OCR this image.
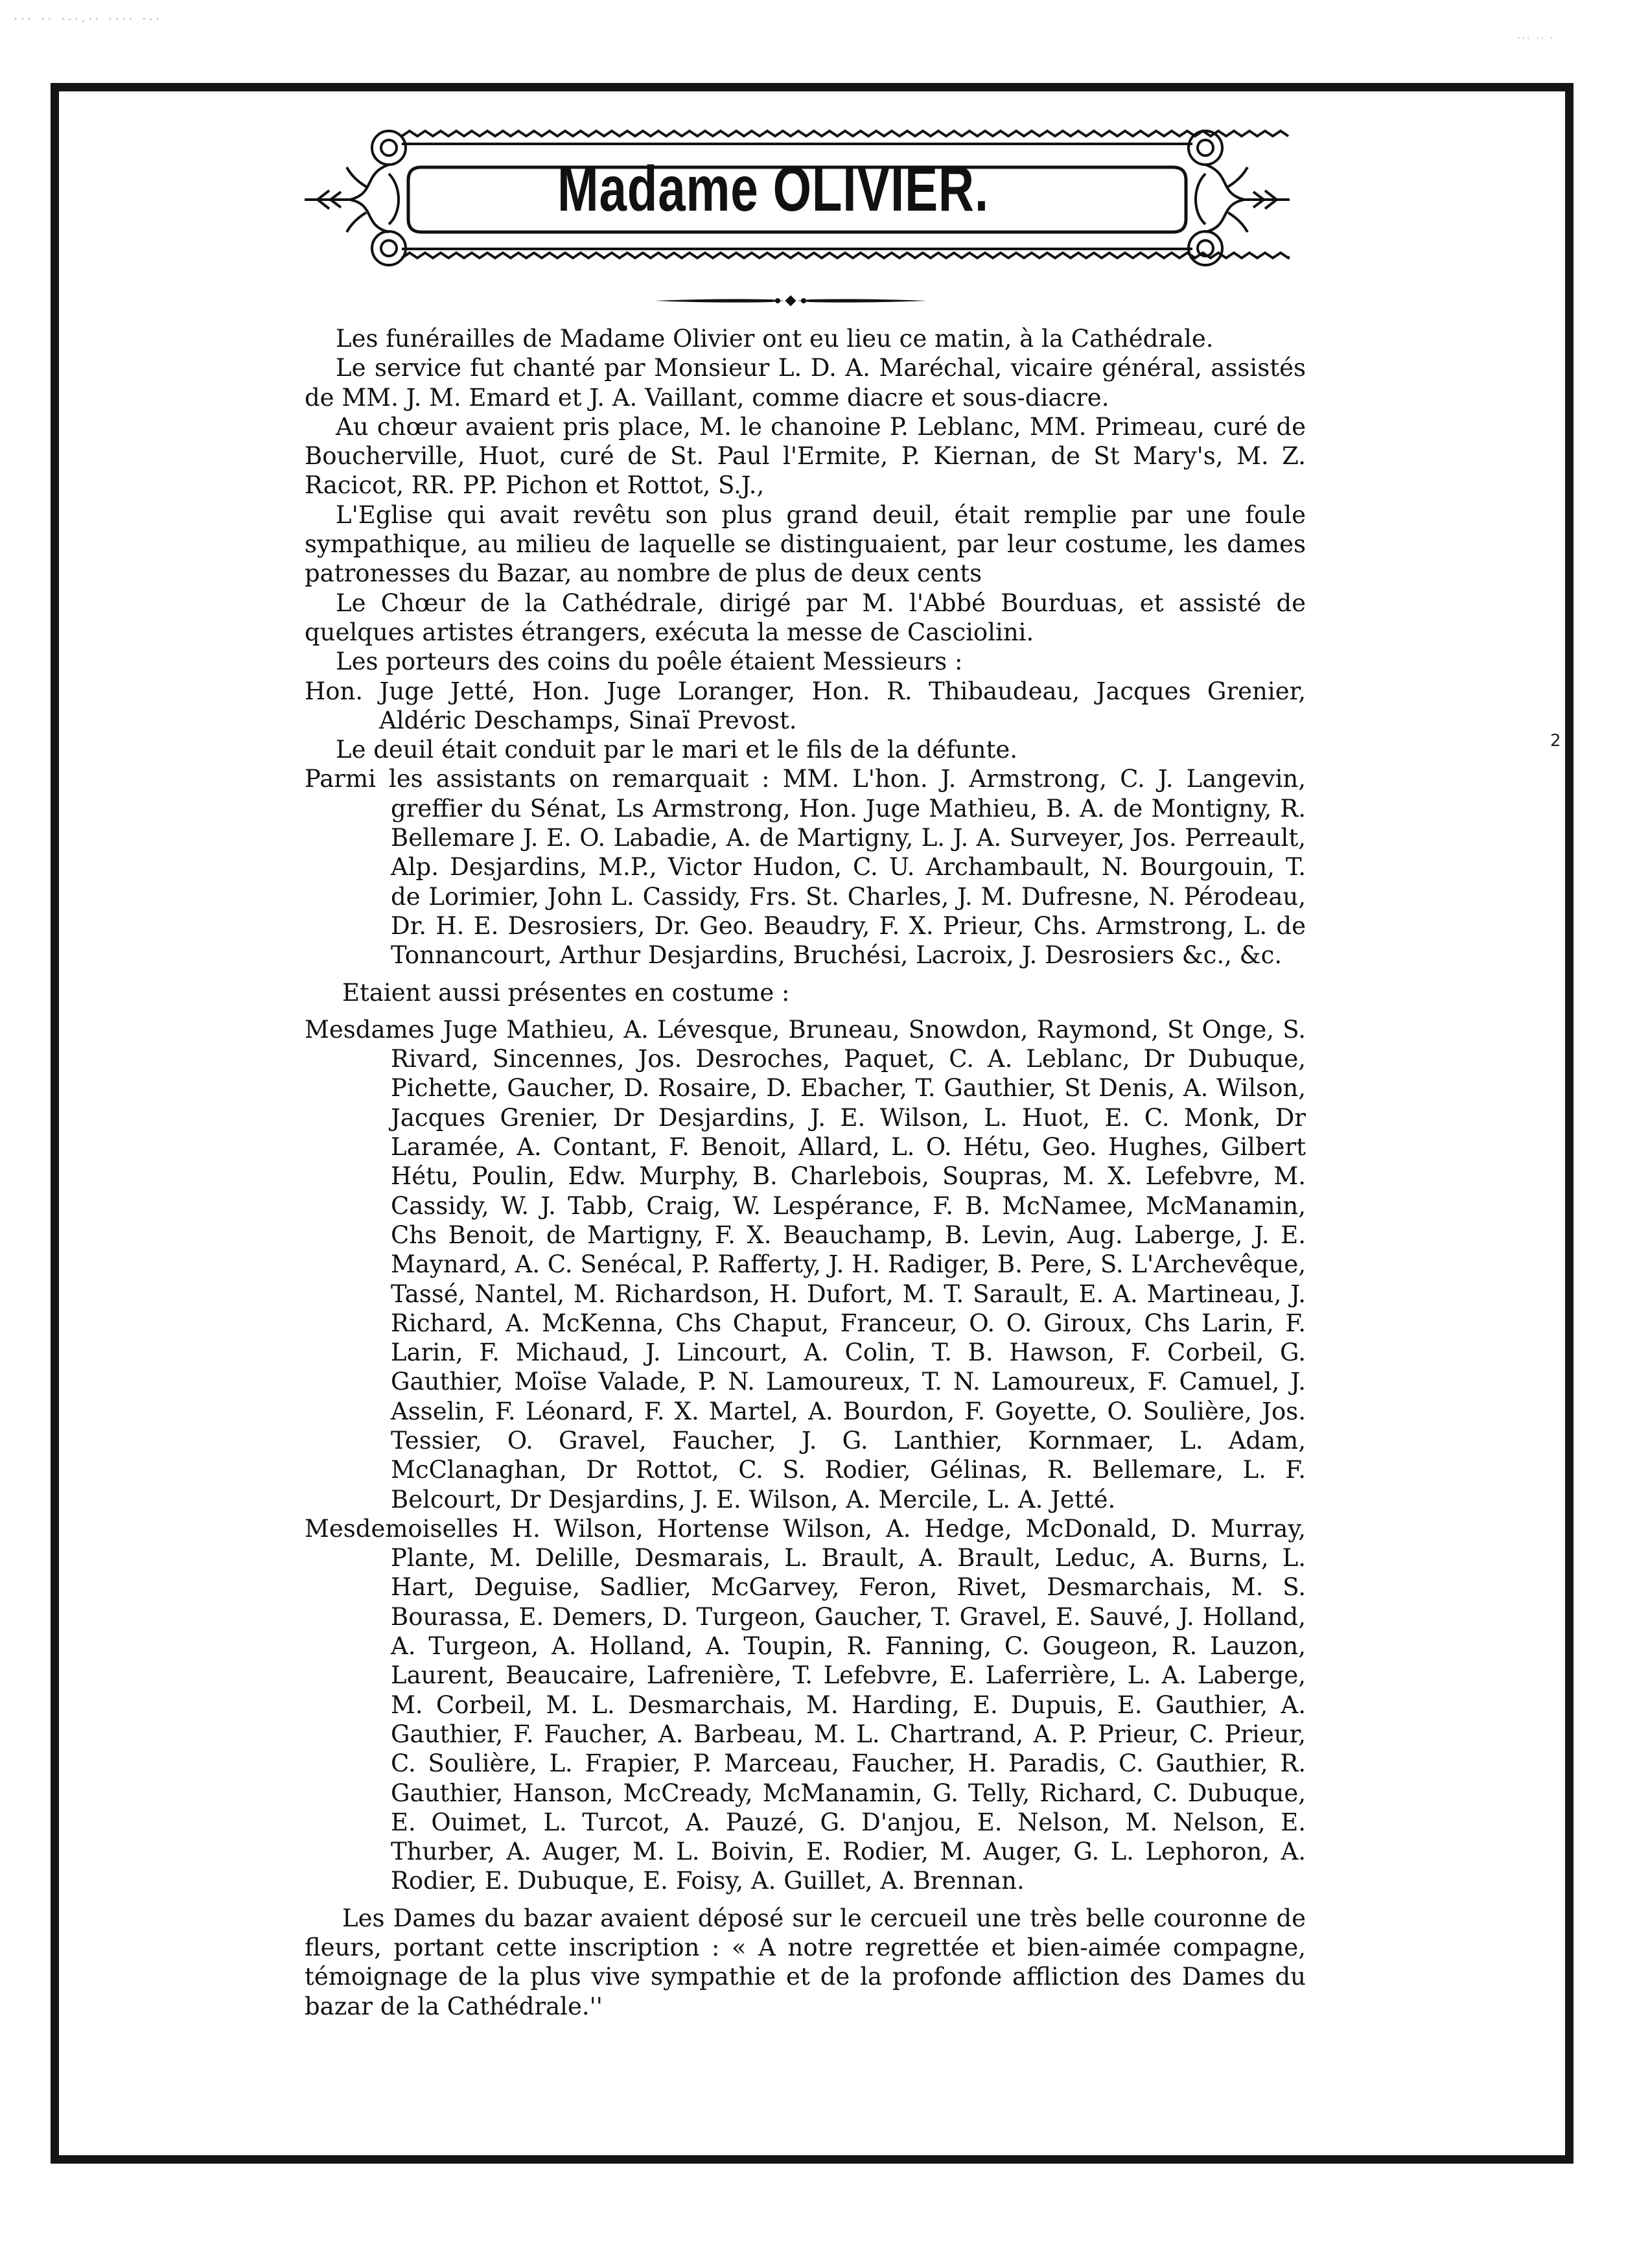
··· ·· ·-·.·· ···· ·-·
··· ·· ·
Madame OLIVIER.

Les funérailles de Madame Olivier ont eu lieu ce matin, à la Cathédrale.

Le service fut chanté par Monsieur L. D. A. Maréchal, vicaire général, assistés de MM. J. M. Emard et J. A. Vaillant, comme diacre et sous-diacre.

Au chœur avaient pris place, M. le chanoine P. Leblanc, MM. Primeau, curé de Boucherville, Huot, curé de St. Paul l'Ermite, P. Kiernan, de St Mary's, M. Z. Racicot, RR. PP. Pichon et Rottot, S.J.,

L'Eglise qui avait revêtu son plus grand deuil, était remplie par une foule sympathique, au milieu de laquelle se distinguaient, par leur costume, les dames patronesses du Bazar, au nombre de plus de deux cents

Le Chœur de la Cathédrale, dirigé par M. l'Abbé Bourduas, et assisté de quelques artistes étrangers, exécuta la messe de Casciolini.

Les porteurs des coins du poêle étaient Messieurs :

Hon. Juge Jetté, Hon. Juge Loranger, Hon. R. Thibaudeau, Jacques Grenier, Aldéric Deschamps, Sinaï Prevost.

Le deuil était conduit par le mari et le fils de la défunte.

Parmi les assistants on remarquait : MM. L'hon. J. Armstrong, C. J. Langevin, greffier du Sénat, Ls Armstrong, Hon. Juge Mathieu, B. A. de Montigny, R. Bellemare J. E. O. Labadie, A. de Martigny, L. J. A. Surveyer, Jos. Perreault, Alp. Desjardins, M.P., Victor Hudon, C. U. Archambault, N. Bourgouin, T. de Lorimier, John L. Cassidy, Frs. St. Charles, J. M. Dufresne, N. Pérodeau, Dr. H. E. Desrosiers, Dr. Geo. Beaudry, F. X. Prieur, Chs. Armstrong, L. de Tonnancourt, Arthur Desjardins, Bruchési, Lacroix, J. Desrosiers &c., &c.

Etaient aussi présentes en costume :

Mesdames Juge Mathieu, A. Lévesque, Bruneau, Snowdon, Raymond, St Onge, S. Rivard, Sincennes, Jos. Desroches, Paquet, C. A. Leblanc, Dr Dubuque, Pichette, Gaucher, D. Rosaire, D. Ebacher, T. Gauthier, St Denis, A. Wilson, Jacques Grenier, Dr Desjardins, J. E. Wilson, L. Huot, E. C. Monk, Dr Laramée, A. Contant, F. Benoit, Allard, L. O. Hétu, Geo. Hughes, Gilbert Hétu, Poulin, Edw. Murphy, B. Charlebois, Soupras, M. X. Lefebvre, M. Cassidy, W. J. Tabb, Craig, W. Lespérance, F. B. McNamee, McManamin, Chs Benoit, de Martigny, F. X. Beauchamp, B. Levin, Aug. Laberge, J. E. Maynard, A. C. Senécal, P. Rafferty, J. H. Radiger, B. Pere, S. L'Archevêque, Tassé, Nantel, M. Richardson, H. Dufort, M. T. Sarault, E. A. Martineau, J. Richard, A. McKenna, Chs Chaput, Franceur, O. O. Giroux, Chs Larin, F. Larin, F. Michaud, J. Lincourt, A. Colin, T. B. Hawson, F. Corbeil, G. Gauthier, Moïse Valade, P. N. Lamoureux, T. N. Lamoureux, F. Camuel, J. Asselin, F. Léonard, F. X. Martel, A. Bourdon, F. Goyette, O. Soulière, Jos. Tessier, O. Gravel, Faucher, J. G. Lanthier, Kornmaer, L. Adam, McClanaghan, Dr Rottot, C. S. Rodier, Gélinas, R. Bellemare, L. F. Belcourt, Dr Desjardins, J. E. Wilson, A. Mercile, L. A. Jetté.

Mesdemoiselles H. Wilson, Hortense Wilson, A. Hedge, McDonald, D. Murray, Plante, M. Delille, Desmarais, L. Brault, A. Brault, Leduc, A. Burns, L. Hart, Deguise, Sadlier, McGarvey, Feron, Rivet, Desmarchais, M. S. Bourassa, E. Demers, D. Turgeon, Gaucher, T. Gravel, E. Sauvé, J. Holland, A. Turgeon, A. Holland, A. Toupin, R. Fanning, C. Gougeon, R. Lauzon, Laurent, Beaucaire, Lafrenière, T. Lefebvre, E. Laferrière, L. A. Laberge, M. Corbeil, M. L. Desmarchais, M. Harding, E. Dupuis, E. Gauthier, A. Gauthier, F. Faucher, A. Barbeau, M. L. Chartrand, A. P. Prieur, C. Prieur, C. Soulière, L. Frapier, P. Marceau, Faucher, H. Paradis, C. Gauthier, R. Gauthier, Hanson, McCready, McManamin, G. Telly, Richard, C. Dubuque, E. Ouimet, L. Turcot, A. Pauzé, G. D'anjou, E. Nelson, M. Nelson, E. Thurber, A. Auger, M. L. Boivin, E. Rodier, M. Auger, G. L. Lephoron, A. Rodier, E. Dubuque, E. Foisy, A. Guillet, A. Brennan.

Les Dames du bazar avaient déposé sur le cercueil une très belle couronne de fleurs, portant cette inscription : « A notre regrettée et bien-aimée compagne, témoignage de la plus vive sympathie et de la profonde affliction des Dames du bazar de la Cathédrale.''

2
